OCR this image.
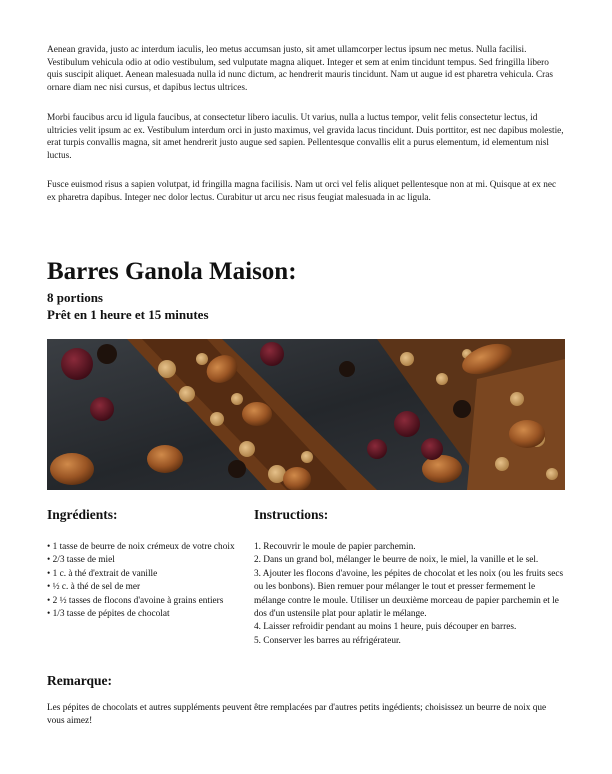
Aenean gravida, justo ac interdum iaculis, leo metus accumsan justo, sit amet ullamcorper lectus ipsum nec metus. Nulla facilisi. Vestibulum vehicula odio at odio vestibulum, sed vulputate magna aliquet. Integer et sem at enim tincidunt tempus. Sed fringilla libero quis suscipit aliquet. Aenean malesuada nulla id nunc dictum, ac hendrerit mauris tincidunt. Nam ut augue id est pharetra vehicula. Cras ornare diam nec nisi cursus, et dapibus lectus ultrices.

Morbi faucibus arcu id ligula faucibus, at consectetur libero iaculis. Ut varius, nulla a luctus tempor, velit felis consectetur lectus, id ultricies velit ipsum ac ex. Vestibulum interdum orci in justo maximus, vel gravida lacus tincidunt. Duis porttitor, est nec dapibus molestie, erat turpis convallis magna, sit amet hendrerit justo augue sed sapien. Pellentesque convallis elit a purus elementum, id elementum nisl luctus.

Fusce euismod risus a sapien volutpat, id fringilla magna facilisis. Nam ut orci vel felis aliquet pellentesque non at mi. Quisque at ex nec ex pharetra dapibus. Integer nec dolor lectus. Curabitur ut arcu nec risus feugiat malesuada in ac ligula.

Barres Ganola Maison:

8 portions

Prêt en 1 heure et 15 minutes

Ingrédients:	Instructions:
• 1 tasse de beurre de noix crémeux de votre choix
• 2/3 tasse de miel
• 1 c. à thé d'extrait de vanille
• ½ c. à thé de sel de mer
• 2 ½ tasses de flocons d'avoine à grains entiers
• 1/3 tasse de pépites de chocolat
1. Recouvrir le moule de papier parchemin.
2. Dans un grand bol, mélanger le beurre de noix, le miel, la vanille et le sel.
3. Ajouter les flocons d'avoine, les pépites de chocolat et les noix (ou les fruits secs ou les bonbons). Bien remuer pour mélanger le tout et presser fermement le mélange contre le moule. Utiliser un deuxième morceau de papier parchemin et le dos d'un ustensile plat pour aplatir le mélange.
4. Laisser refroidir pendant au moins 1 heure, puis découper en barres.
5. Conserver les barres au réfrigérateur.
Remarque:

Les pépites de chocolats et autres suppléments peuvent être remplacées par d'autres petits ingédients; choisissez un beurre de noix que vous aimez!
